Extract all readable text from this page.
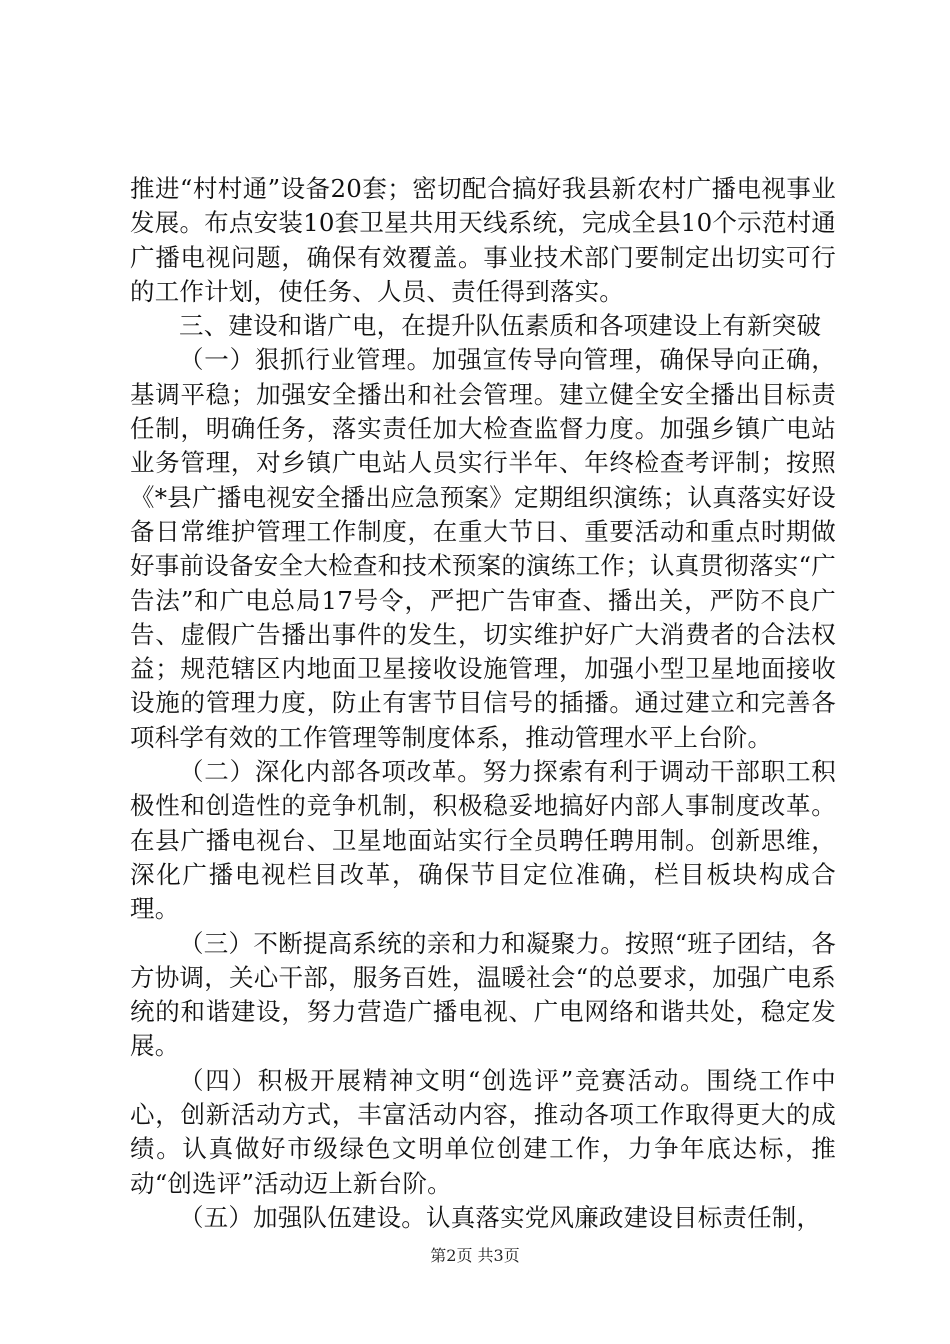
推进“村村通”设备20套；密切配合搞好我县新农村广播电视事业发展。布点安装10套卫星共用天线系统，完成全县10个示范村通广播电视问题，确保有效覆盖。事业技术部门要制定出切实可行的工作计划，使任务、人员、责任得到落实。

三、建设和谐广电，在提升队伍素质和各项建设上有新突破

（一）狠抓行业管理。加强宣传导向管理，确保导向正确，基调平稳；加强安全播出和社会管理。建立健全安全播出目标责任制，明确任务，落实责任加大检查监督力度。加强乡镇广电站业务管理，对乡镇广电站人员实行半年、年终检查考评制；按照《*县广播电视安全播出应急预案》定期组织演练；认真落实好设备日常维护管理工作制度，在重大节日、重要活动和重点时期做好事前设备安全大检查和技术预案的演练工作；认真贯彻落实“广告法”和广电总局17号令，严把广告审查、播出关，严防不良广告、虚假广告播出事件的发生，切实维护好广大消费者的合法权益；规范辖区内地面卫星接收设施管理，加强小型卫星地面接收设施的管理力度，防止有害节目信号的插播。通过建立和完善各项科学有效的工作管理等制度体系，推动管理水平上台阶。

（二）深化内部各项改革。努力探索有利于调动干部职工积极性和创造性的竞争机制，积极稳妥地搞好内部人事制度改革。在县广播电视台、卫星地面站实行全员聘任聘用制。创新思维，深化广播电视栏目改革，确保节目定位准确，栏目板块构成合理。

（三）不断提高系统的亲和力和凝聚力。按照“班子团结，各方协调，关心干部，服务百姓，温暖社会“的总要求，加强广电系统的和谐建设，努力营造广播电视、广电网络和谐共处，稳定发展。

（四）积极开展精神文明“创选评”竞赛活动。围绕工作中心，创新活动方式，丰富活动内容，推动各项工作取得更大的成绩。认真做好市级绿色文明单位创建工作，力争年底达标，推动“创选评”活动迈上新台阶。

（五）加强队伍建设。认真落实党风廉政建设目标责任制，

第2页 共3页
